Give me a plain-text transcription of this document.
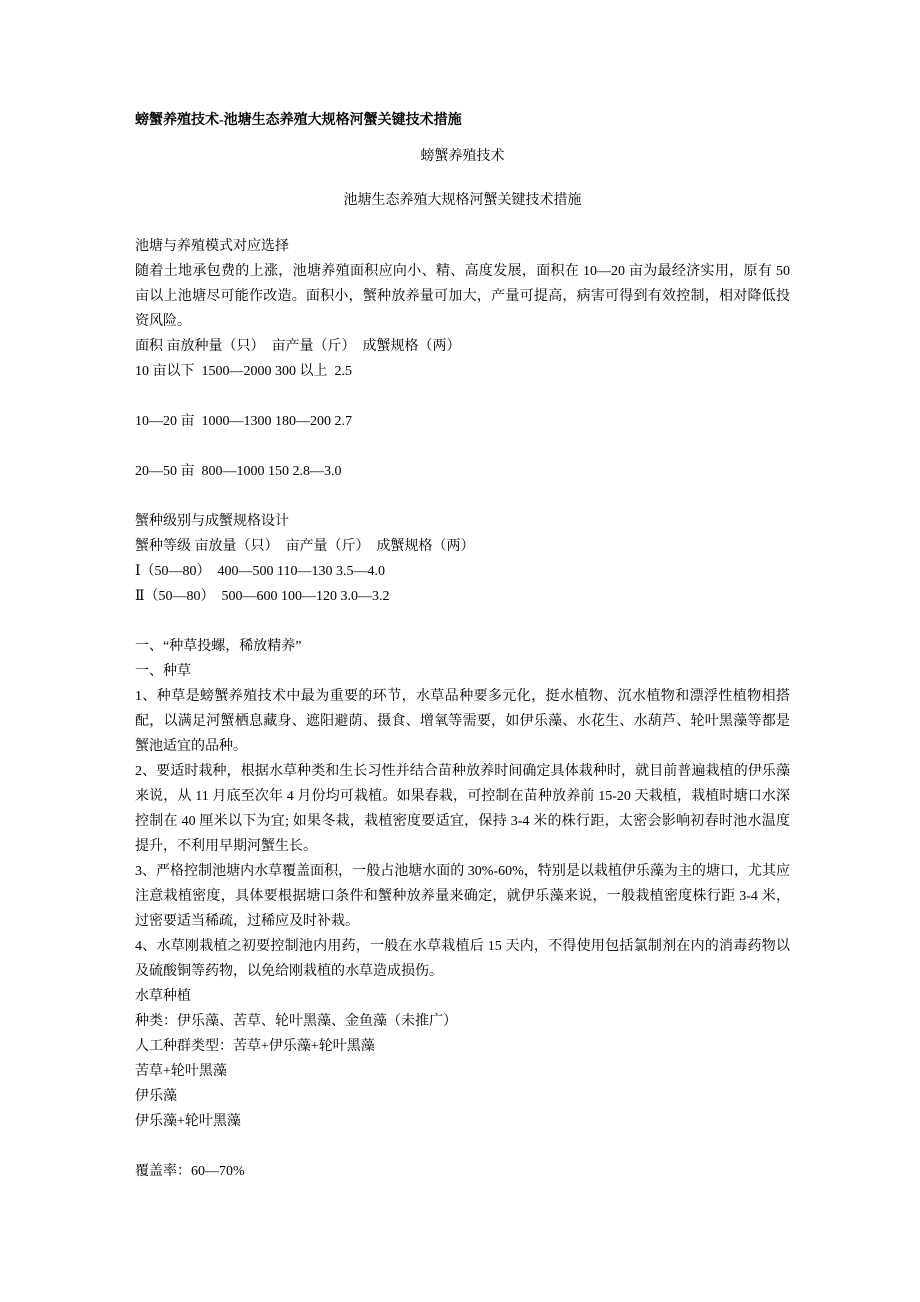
螃蟹养殖技术-池塘生态养殖大规格河蟹关键技术措施

螃蟹养殖技术

池塘生态养殖大规格河蟹关键技术措施

池塘与养殖模式对应选择

随着土地承包费的上涨，池塘养殖面积应向小、精、高度发展，面积在 10—20 亩为最经济实用，原有 50 亩以上池塘尽可能作改造。面积小，蟹种放养量可加大，产量可提高，病害可得到有效控制，相对降低投资风险。

面积 亩放种量（只）  亩产量（斤）  成蟹规格（两）

10 亩以下  1500—2000 300 以上  2.5

10—20 亩  1000—1300 180—200 2.7

20—50 亩  800—1000 150 2.8—3.0

蟹种级别与成蟹规格设计

蟹种等级 亩放量（只）  亩产量（斤）  成蟹规格（两）

Ⅰ（50—80）  400—500 110—130 3.5—4.0

Ⅱ（50—80）  500—600 100—120 3.0—3.2

一、“种草投螺，稀放精养”

一、种草

1、种草是螃蟹养殖技术中最为重要的环节，水草品种要多元化，挺水植物、沉水植物和漂浮性植物相搭配，以满足河蟹栖息藏身、遮阳避荫、摄食、增氧等需要，如伊乐藻、水花生、水葫芦、轮叶黑藻等都是蟹池适宜的品种。

2、要适时栽种，根据水草种类和生长习性并结合苗种放养时间确定具体栽种时，就目前普遍栽植的伊乐藻来说，从 11 月底至次年 4 月份均可栽植。如果春栽，可控制在苗种放养前 15-20 天栽植，栽植时塘口水深控制在 40 厘米以下为宜; 如果冬栽，栽植密度要适宜，保持 3-4 米的株行距，太密会影响初春时池水温度提升，不利用早期河蟹生长。

3、严格控制池塘内水草覆盖面积，一般占池塘水面的 30%-60%，特别是以栽植伊乐藻为主的塘口，尤其应注意栽植密度，具体要根据塘口条件和蟹种放养量来确定，就伊乐藻来说，一般栽植密度株行距 3-4 米，过密要适当稀疏，过稀应及时补栽。

4、水草刚栽植之初要控制池内用药，一般在水草栽植后 15 天内，不得使用包括氯制剂在内的消毒药物以及硫酸铜等药物，以免给刚栽植的水草造成损伤。

水草种植

种类：伊乐藻、苦草、轮叶黑藻、金鱼藻（未推广）

人工种群类型：苦草+伊乐藻+轮叶黑藻

苦草+轮叶黑藻

伊乐藻

伊乐藻+轮叶黑藻

覆盖率：60—70%
